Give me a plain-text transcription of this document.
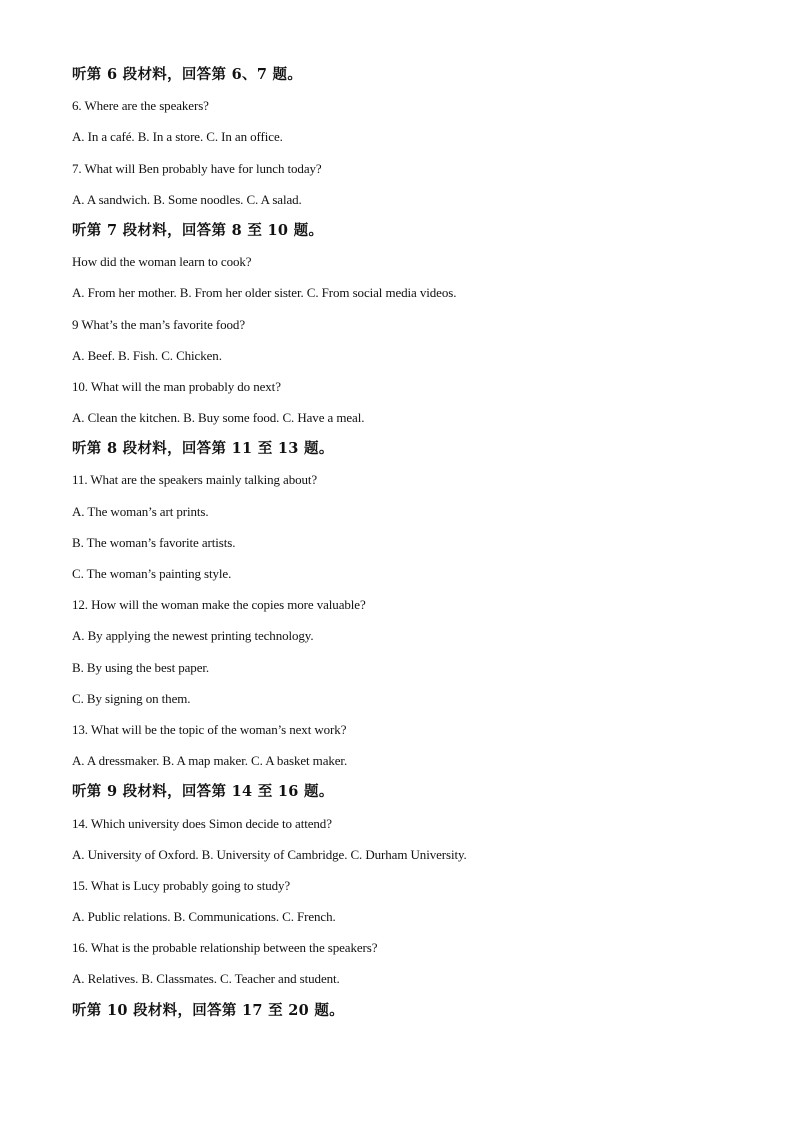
听第 6 段材料，回答第 6、7 题。
6. Where are the speakers?
A. In a café. B. In a store. C. In an office.
7. What will Ben probably have for lunch today?
A. A sandwich. B. Some noodles. C. A salad.
听第 7 段材料，回答第 8 至 10 题。
How did the woman learn to cook?
A. From her mother. B. From her older sister. C. From social media videos.
9 What’s the man’s favorite food?
A. Beef. B. Fish. C. Chicken.
10. What will the man probably do next?
A. Clean the kitchen. B. Buy some food. C. Have a meal.
听第 8 段材料，回答第 11 至 13 题。
11. What are the speakers mainly talking about?
A. The woman’s art prints.
B. The woman’s favorite artists.
C. The woman’s painting style.
12. How will the woman make the copies more valuable?
A. By applying the newest printing technology.
B. By using the best paper.
C. By signing on them.
13. What will be the topic of the woman’s next work?
A. A dressmaker. B. A map maker. C. A basket maker.
听第 9 段材料，回答第 14 至 16 题。
14. Which university does Simon decide to attend?
A. University of Oxford. B. University of Cambridge. C. Durham University.
15. What is Lucy probably going to study?
A. Public relations. B. Communications. C. French.
16. What is the probable relationship between the speakers?
A. Relatives. B. Classmates. C. Teacher and student.
听第 10 段材料，回答第 17 至 20 题。
